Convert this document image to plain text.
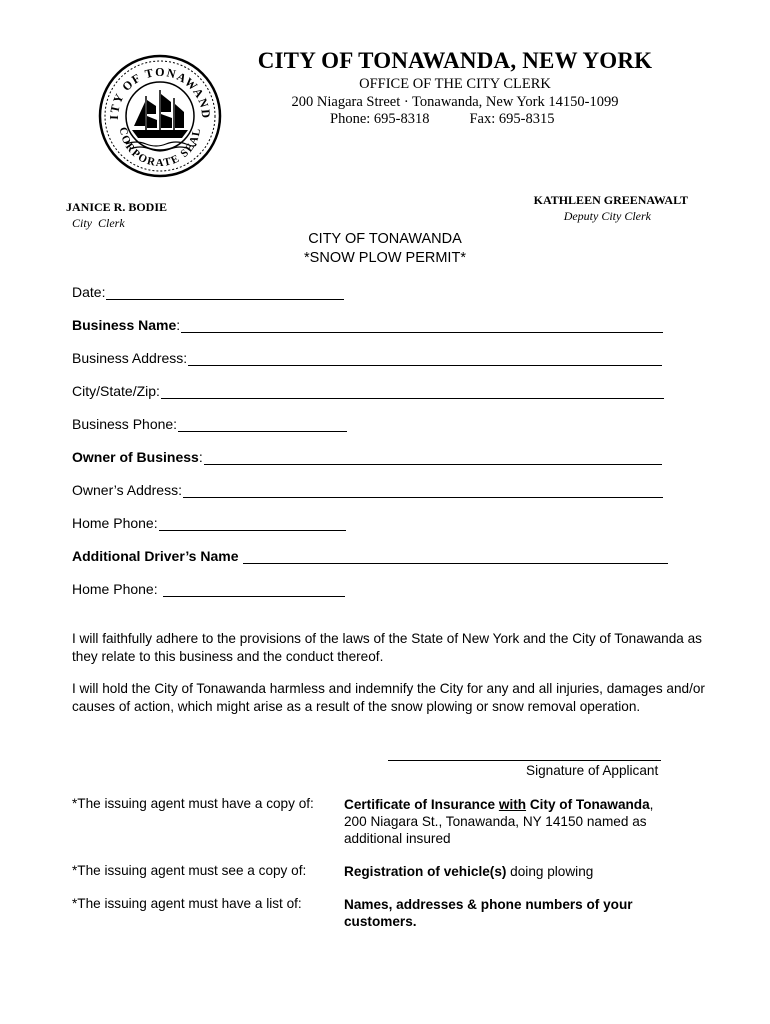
ITY OF TONAWAND
CORPORATE SEAL
CITY OF TONAWANDA, NEW YORK
OFFICE OF THE CITY CLERK
200 Niagara Street · Tonawanda, New York 14150-1099
Phone: 695-8318	Fax: 695-8315
JANICE R. BODIE
City  Clerk
KATHLEEN GREENAWALT
Deputy City Clerk
CITY OF TONAWANDA
*SNOW PLOW PERMIT*
Date:
Business Name :
Business Address:
City/State/Zip:
Business Phone:
Owner of Business :
Owner’s Address:
Home Phone:
Additional Driver’s Name
Home Phone:
I will faithfully adhere to the provisions of the laws of the State of New York and the City of Tonawanda as they relate to this business and the conduct thereof.
I will hold the City of Tonawanda harmless and indemnify the City for any and all injuries, damages and/or causes of action, which might arise as a result of the snow plowing or snow removal operation.
Signature of Applicant
*The issuing agent must have a copy of: Certificate of Insurance with City of Tonawanda, 200 Niagara St., Tonawanda, NY 14150 named as additional insured
*The issuing agent must see a copy of:	Registration of vehicle(s) doing plowing
*The issuing agent must have a list of:	Names, addresses & phone numbers of your customers.
